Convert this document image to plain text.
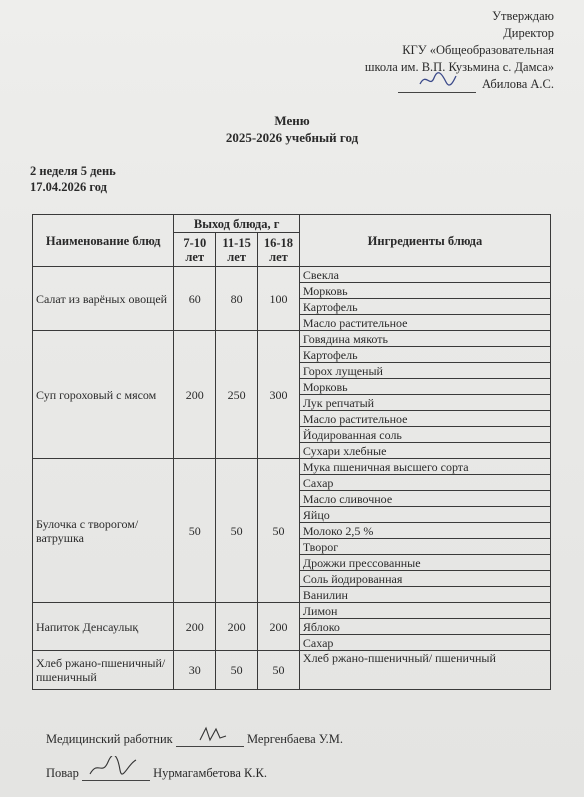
Утверждаю
Директор
КГУ «Общеобразовательная
школа им. В.П. Кузьмина с. Дамса»
Абилова А.С.
Меню
2025-2026 учебный год
2 неделя 5 день
17.04.2026 год
Наименование блюд	Выход блюда, г			Ингредиенты блюда
	7-10 лет	11-15 лет	16-18 лет	
Салат из варёных овощей	60	80	100	Свекла
				Морковь
				Картофель
				Масло растительное
Суп гороховый с мясом	200	250	300	Говядина мякоть
				Картофель
				Горох лущеный
				Морковь
				Лук репчатый
				Масло растительное
				Йодированная соль
				Сухари хлебные
Булочка с творогом/ ватрушка	50	50	50	Мука пшеничная высшего сорта
				Сахар
				Масло сливочное
				Яйцо
				Молоко 2,5 %
				Творог
				Дрожжи прессованные
				Соль йодированная
				Ванилин
Напиток Денсаулық	200	200	200	Лимон
				Яблоко
				Сахар
Хлеб ржано-пшеничный/ пшеничный	30	50	50	Хлеб ржано-пшеничный/ пшеничный
Медицинский работник	Мергенбаева У.М.
Повар	Нурмагамбетова К.К.
